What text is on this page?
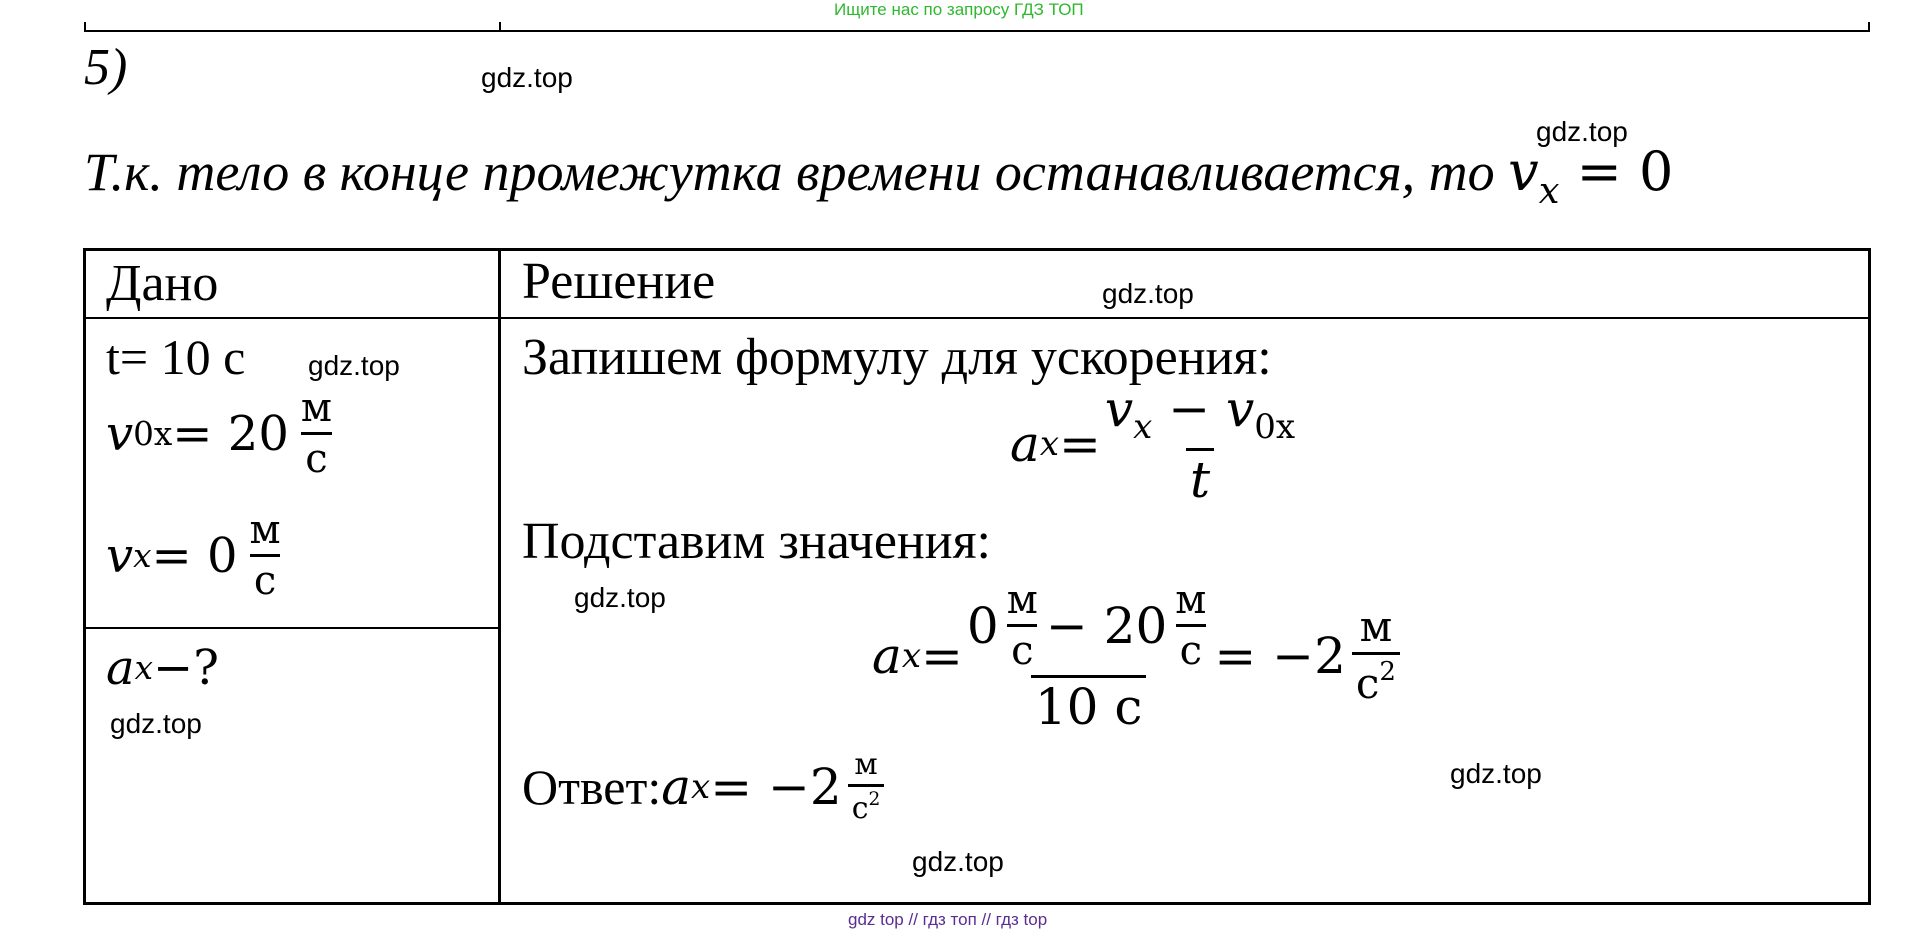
Ищите нас по запросу ГДЗ ТОП
5)	gdz.top
gdz.top
Т.к. тело в конце промежутка времени останавливается, то $v_x = 0$
Дано	Решение	gdz.top
t= 10 с gdz.top
v $0x = 20 \frac{м}{с}$
v $x = 0 \frac{м}{с}$
a x −?
gdz.top
Запишем формулу для ускорения:
a $x = \frac{v_x - v_{0x}}{t}$
Подставим значения:
gdz.top
a $x = \frac{0 \frac{м}{с} - 20 \frac{м}{с}}{10 с} = -2 \frac{м}{с^2}$
gdz.top
Ответ: a $x = -2 \frac{м}{с^2}$
gdz.top
gdz top // гдз топ // гдз top
